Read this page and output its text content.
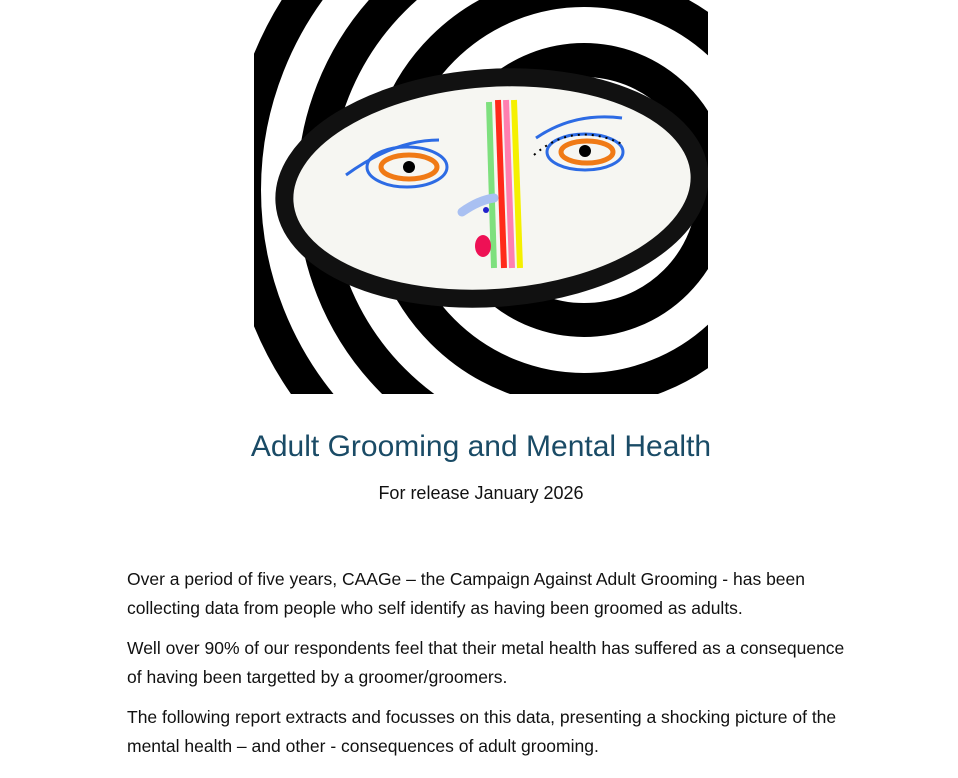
Adult Grooming and Mental Health

For release January 2026

Over a period of five years, CAAGe – the Campaign Against Adult Grooming - has been collecting data from people who self identify as having been groomed as adults.

Well over 90% of our respondents feel that their metal health has suffered as a consequence of having been targetted by a groomer/groomers.

The following report extracts and focusses on this data, presenting a shocking picture of the mental health – and other - consequences of adult grooming.
